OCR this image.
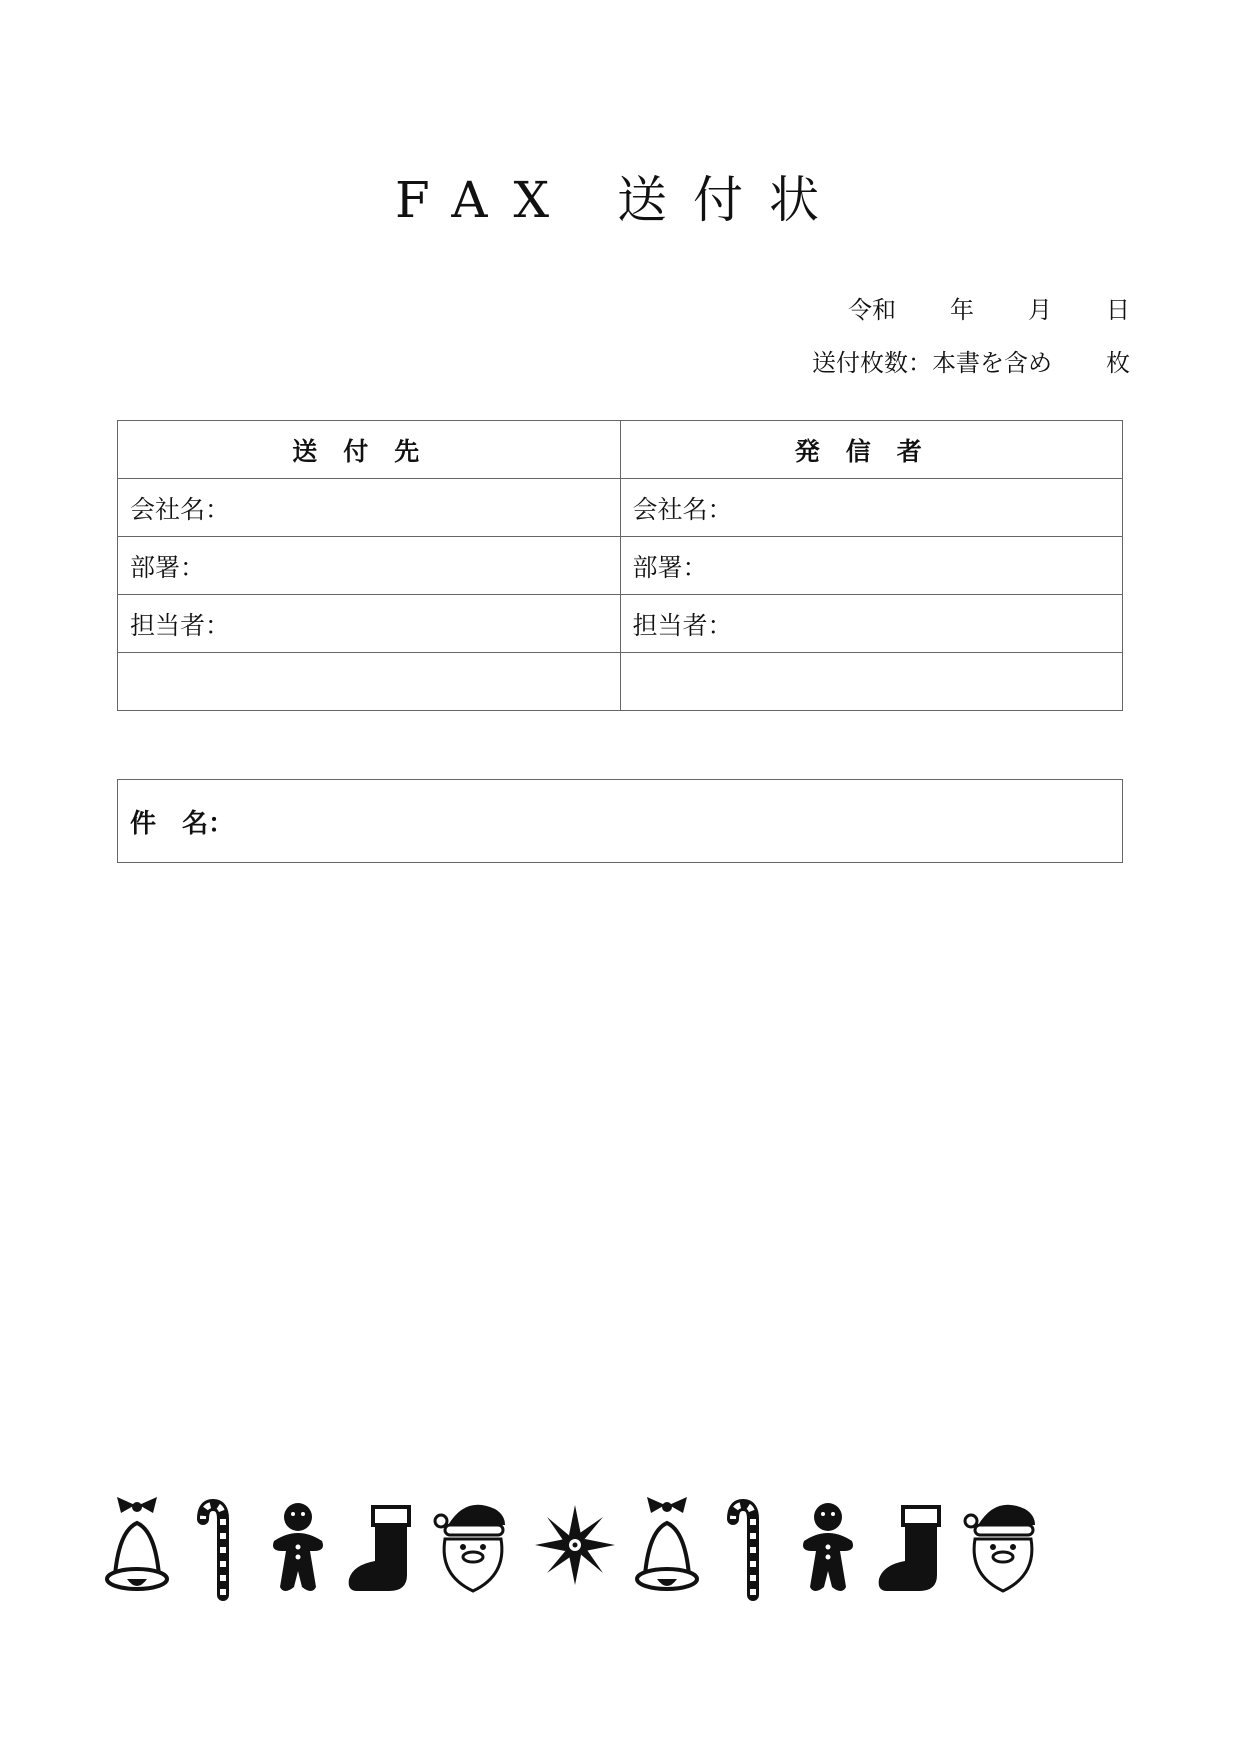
FAX 送付状
令和 年 月 日
送付枚数：本書を含め 枚
送付先	発信者
会社名：	会社名：
部署：	部署：
担当者：	担当者：

件　名：
